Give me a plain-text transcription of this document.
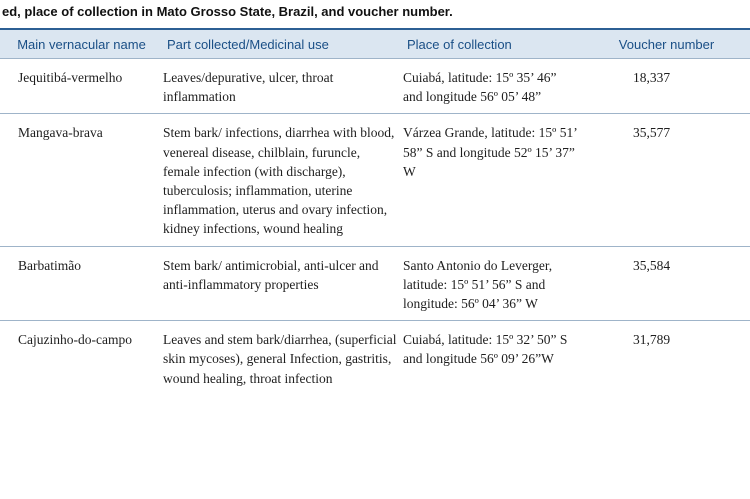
ed, place of collection in Mato Grosso State, Brazil, and voucher number.
Main vernacular name	Part collected/Medicinal use	Place of collection	Voucher number
Jequitibá-vermelho	Leaves/depurative, ulcer, throat inflammation	Cuiabá, latitude: 15º 35’ 46” and longitude 56º 05’ 48”	18,337
Mangava-brava	Stem bark/ infections, diarrhea with blood, venereal disease, chilblain, furuncle, female infection (with discharge), tuberculosis; inflammation, uterine inflammation, uterus and ovary infection, kidney infections, wound healing	Várzea Grande, latitude: 15º 51’ 58” S and longitude 52º 15’ 37” W	35,577
Barbatimão	Stem bark/ antimicrobial, anti-ulcer and anti-inflammatory properties	Santo Antonio do Leverger, latitude: 15º 51’ 56” S and longitude: 56º 04’ 36” W	35,584
Cajuzinho-do-campo	Leaves and stem bark/diarrhea, (superficial skin mycoses), general Infection, gastritis, wound healing, throat infection	Cuiabá, latitude: 15º 32’ 50” S and longitude 56º 09’ 26”W	31,789
